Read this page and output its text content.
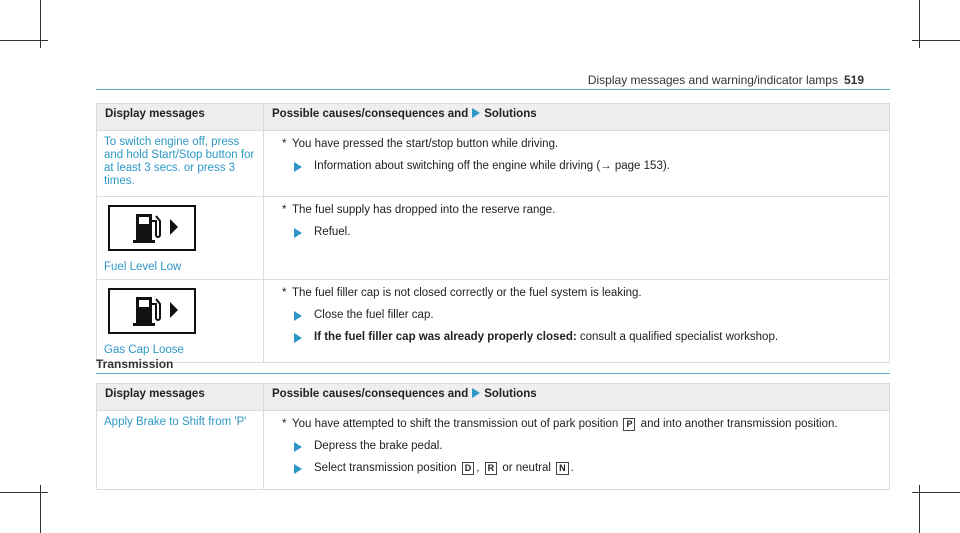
Display messages and warning/indicator lamps 519
Display messages	Possible causes/consequences and Solutions
To switch engine off, press and hold Start/Stop button for at least 3 secs. or press 3 times.	* You have pressed the start/stop button while driving.
Information about switching off the engine while driving (→ page 153).

Fuel Level Low	* The fuel supply has dropped into the reserve range.
Refuel.

Gas Cap Loose	* The fuel filler cap is not closed correctly or the fuel system is leaking.
Close the fuel filler cap.
If the fuel filler cap was already properly closed: consult a qualified specialist workshop.
Transmission
Display messages	Possible causes/consequences and Solutions
Apply Brake to Shift from 'P'	* You have attempted to shift the transmission out of park position P and into another transmission position.
Depress the brake pedal.
Select transmission position D , R or neutral N .
